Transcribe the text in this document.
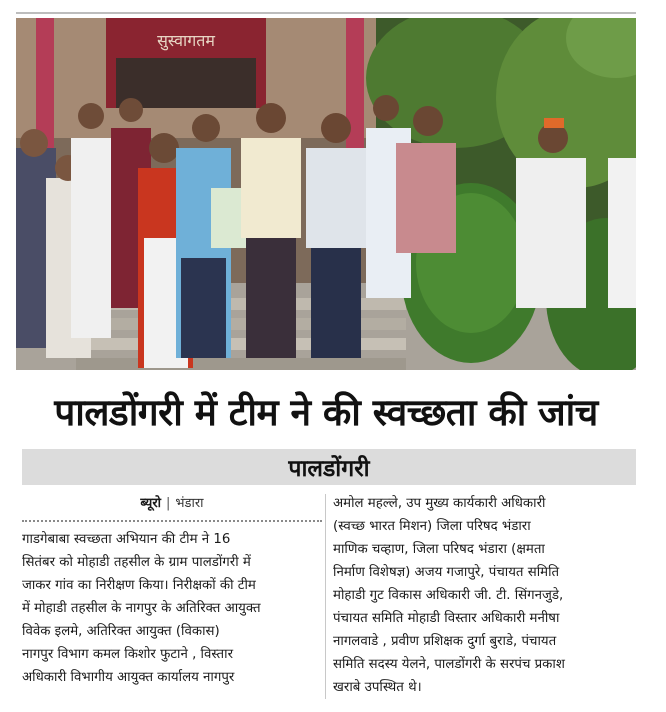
सुस्वागतम
पालडोंगरी में टीम ने की स्वच्छता की जांच
पालडोंगरी
ब्यूरो | भंडारा
गाडगेबाबा स्वच्छता अभियान की टीम ने 16
सितंबर को मोहाडी तहसील के ग्राम पालडोंगरी में
जाकर गांव का निरीक्षण किया। निरीक्षकों की टीम
में मोहाडी तहसील के नागपुर के अतिरिक्त आयुक्त
विवेक इलमे, अतिरिक्त आयुक्त (विकास)
नागपुर विभाग कमल किशोर फुटाने , विस्तार
अधिकारी विभागीय आयुक्त कार्यालय नागपुर
अमोल महल्ले, उप मुख्य कार्यकारी अधिकारी
(स्वच्छ भारत मिशन) जिला परिषद भंडारा
माणिक चव्हाण, जिला परिषद भंडारा (क्षमता
निर्माण विशेषज्ञ) अजय गजापुरे, पंचायत समिति
मोहाडी गुट विकास अधिकारी जी. टी. सिंगनजुडे,
पंचायत समिति मोहाडी विस्तार अधिकारी मनीषा
नागलवाडे , प्रवीण प्रशिक्षक दुर्गा बुराडे, पंचायत
समिति सदस्य येलने, पालडोंगरी के सरपंच प्रकाश
खराबे उपस्थित थे।
